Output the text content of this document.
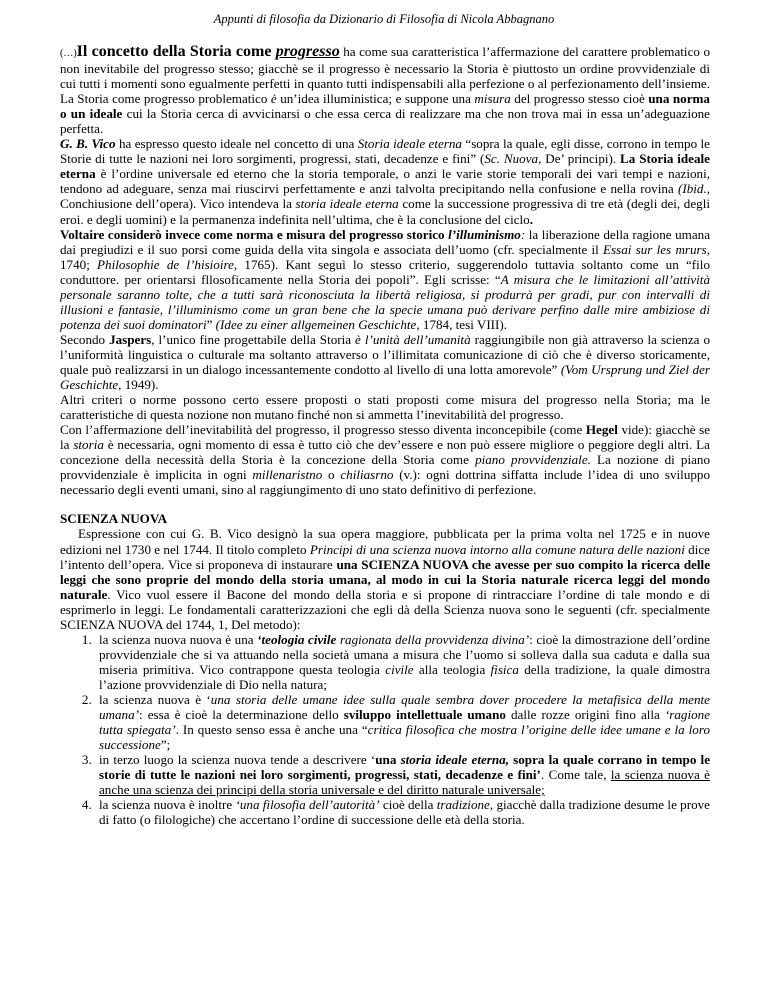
Appunti di filosofia da Dizionario di Filosofia di Nicola Abbagnano

(…)Il concetto della Storia come progresso ha come sua caratteristica l’affermazione del carattere problematico o non inevitabile del progresso stesso; giacchè se il progresso è necessario la Storia è piuttosto un ordine provvidenziale di cui tutti i momenti sono egualmente perfetti in quanto tutti indispensabili alla perfezione o al perfezionamento dell’insieme. La Storia come progresso problematico è un’idea illuministica; e suppone una misura del progresso stesso cioè una norma o un ideale cui la Storia cerca di avvicinarsi o che essa cerca di realizzare ma che non trova mai in essa un’adeguazione perfetta.

G. B. Vico ha espresso questo ideale nel concetto di una Storia ideale eterna “sopra la quale, egli disse, corrono in tempo le Storie di tutte le nazioni nei loro sorgimenti, progressi, stati, decadenze e fini” (Sc. Nuova, De’ principi). La Storia ideale eterna è l’ordine universale ed eterno che la storia temporale, o anzi le varie storie temporali dei vari tempi e nazioni, tendono ad adeguare, senza mai riuscirvi perfettamente e anzi talvolta precipitando nella confusione e nella rovina (Ibid., Conchiusione dell’opera). Vico intendeva la storia ideale eterna come la successione progressiva di tre età (degli dei, degli eroi. e degli uomini) e la permanenza indefinita nell’ultima, che è la conclusione del ciclo.

Voltaire considerò invece come norma e misura del progresso storico l’illuminismo: la liberazione della ragione umana dai pregiudizi e il suo porsi come guida della vita singola e associata dell’uomo (cfr. specialmente il Essai sur les mrurs, 1740; Philosophie de l’hisioire, 1765). Kant seguì lo stesso criterio, suggerendolo tuttavia soltanto come un “filo conduttore. per orientarsi fllosoficamente nella Storia dei popoli”. Egli scrisse: “A misura che le limitazioni all’attività personale saranno tolte, che a tutti sarà riconosciuta la libertà religiosa, si produrrà per gradi, pur con intervalli di illusioni e fantasie, l’illuminismo come un gran bene che la specie umana può derivare perfino dalle mire ambiziose di potenza dei suoi dominatori” (Idee zu einer allgemeinen Geschichte, 1784, tesi VIII).

Secondo Jaspers, l’unico fine progettabile della Storia è l’unità dell’umanità raggiungibile non già attraverso la scienza o l’uniformità linguistica o culturale ma soltanto attraverso o l’illimitata comunicazione di ciò che è diverso storicamente, quale può realizzarsi in un dialogo incessantemente condotto al livello di una lotta amorevole” (Vom Ursprung und Ziel der Geschichte, 1949).

Altri criteri o norme possono certo essere proposti o stati proposti come misura del progresso nella Storia; ma le caratteristiche di questa nozione non mutano finché non si ammetta l’inevitabilità del progresso.

Con l’affermazione dell’inevitabilità del progresso, il progresso stesso diventa inconcepibile (come Hegel vide): giacchè se la storia è necessaria, ogni momento di essa è tutto ciò che dev’essere e non può essere migliore o peggiore degli altri. La concezione della necessità della Storia è la concezione della Storia come piano provvidenziale. La nozione di piano provvidenziale è implicita in ogni millenaristno o chiliasrno (v.): ogni dottrina siffatta include l’idea di uno sviluppo necessario degli eventi umani, sino al raggiungimento di uno stato definitivo di perfezione.

SCIENZA NUOVA

Espressione con cui G. B. Vico designò la sua opera maggiore, pubblicata per la prima volta nel 1725 e in nuove edizioni nel 1730 e nel 1744. Il titolo completo Principi di una scienza nuova intorno alla comune natura delle nazioni dice l’intento dell’opera. Vice si proponeva di instaurare una SCIENZA NUOVA che avesse per suo compito la ricerca delle leggi che sono proprie del mondo della storia umana, al modo in cui la Storia naturale ricerca leggi del mondo naturale. Vico vuol essere il Bacone del mondo della storia e si propone di rintracciare l’ordine di tale mondo e di esprimerlo in leggi. Le fondamentali caratterizzazioni che egli dà della Scienza nuova sono le seguenti (cfr. specialmente SCIENZA NUOVA del 1744, 1, Del metodo):

1. la scienza nuova nuova è una ‘teologia civile ragionata della provvidenza divina’: cioè la dimostrazione dell’ordine provvidenziale che si va attuando nella società umana a misura che l’uomo si solleva dalla sua caduta e dalla sua miseria primitiva. Vico contrappone questa teologia civile alla teologia fisica della tradizione, la quale dimostra l’azione provvidenziale di Dio nella natura;
2. la scienza nuova è ‘una storia delle umane idee sulla quale sembra dover procedere la metafisica della mente umana’: essa è cioè la determinazione dello sviluppo intellettuale umano dalle rozze origini fino alla ‘ragione tutta spiegata’. In questo senso essa è anche una “critica filosofica che mostra l’origine delle idee umane e la loro successione”;
3. in terzo luogo la scienza nuova tende a descrivere ‘una storia ideale eterna, sopra la quale corrano in tempo le storie di tutte le nazioni nei loro sorgimenti, progressi, stati, decadenze e fini’. Come tale, la scienza nuova è anche una scienza dei principi della storia universale e del diritto naturale universale;
4. la scienza nuova è inoltre ‘una filosofia dell’autorità’ cioè della tradizione, giacchè dalla tradizione desume le prove di fatto (o filologiche) che accertano l’ordine di successione delle età della storia.
